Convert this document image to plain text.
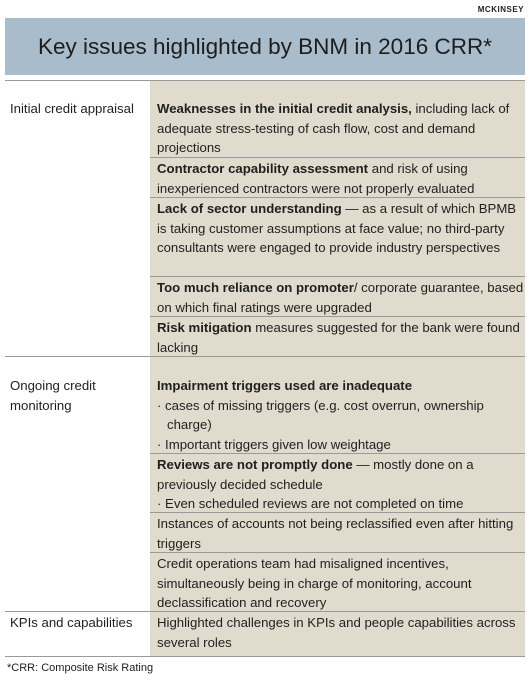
MCKINSEY
Key issues highlighted by BNM in 2016 CRR*
Initial credit appraisal	Weaknesses in the initial credit analysis, including lack of adequate stress-testing of cash flow, cost and demand projections
Contractor capability assessment and risk of using inexperienced contractors were not properly evaluated
Lack of sector understanding — as a result of which BPMB is taking customer assumptions at face value; no third-party consultants were engaged to provide industry perspectives
Too much reliance on promoter/ corporate guarantee, based on which final ratings were upgraded
Risk mitigation measures suggested for the bank were found lacking
Ongoing credit monitoring
Impairment triggers used are inadequate
· cases of missing triggers (e.g. cost overrun, ownership charge)
· Important triggers given low weightage
Reviews are not promptly done — mostly done on a previously decided schedule
· Even scheduled reviews are not completed on time
Instances of accounts not being reclassified even after hitting triggers
Credit operations team had misaligned incentives, simultaneously being in charge of monitoring, account declassification and recovery
KPIs and capabilities	Highlighted challenges in KPIs and people capabilities across several roles
*CRR: Composite Risk Rating
